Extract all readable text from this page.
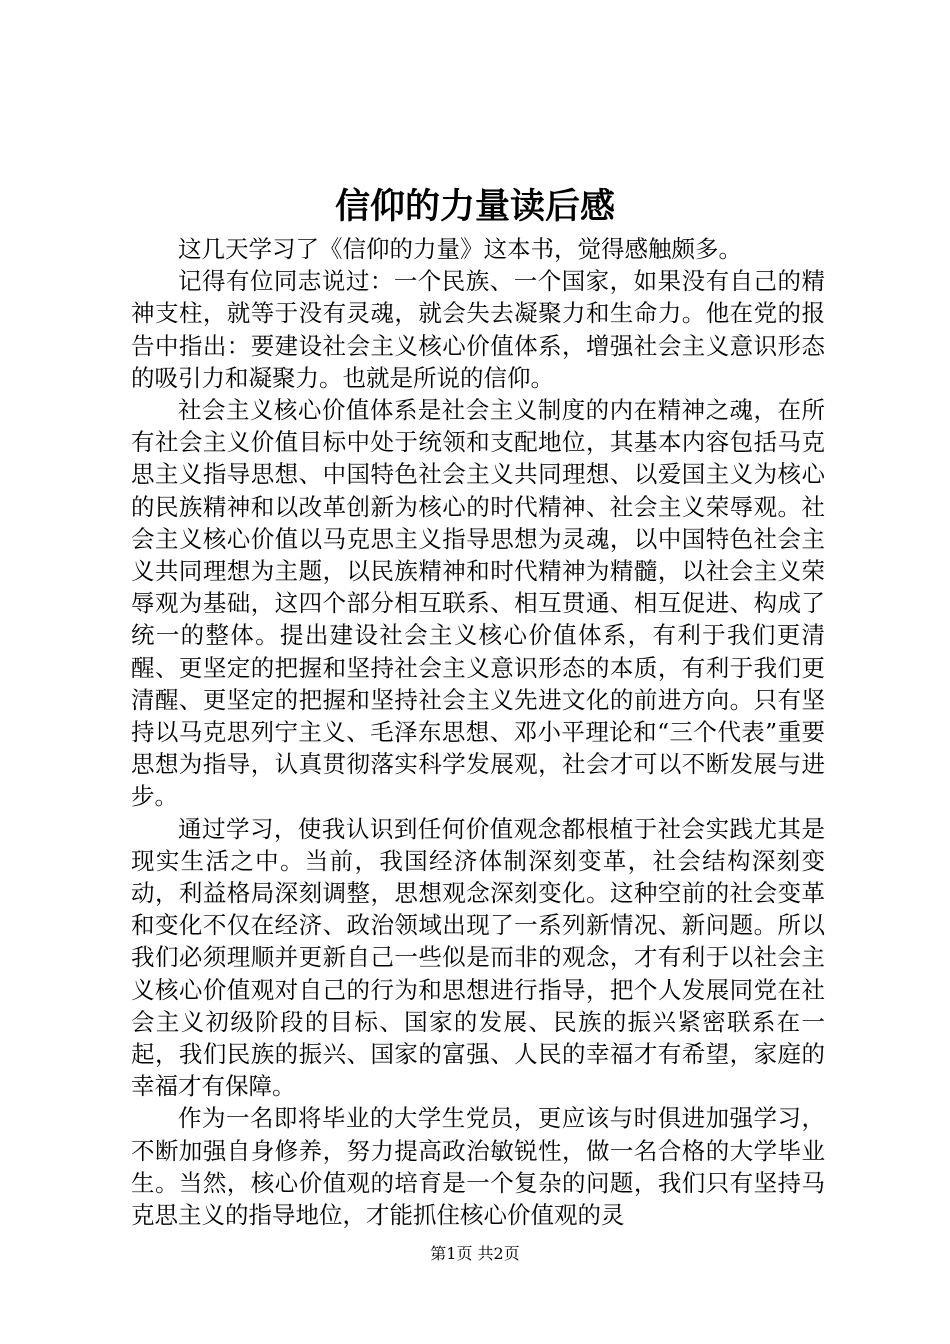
信仰的力量读后感

这几天学习了《信仰的力量》这本书，觉得感触颇多。

记得有位同志说过：一个民族、一个国家，如果没有自己的精神支柱，就等于没有灵魂，就会失去凝聚力和生命力。他在党的报告中指出：要建设社会主义核心价值体系，增强社会主义意识形态的吸引力和凝聚力。也就是所说的信仰。

社会主义核心价值体系是社会主义制度的内在精神之魂，在所有社会主义价值目标中处于统领和支配地位，其基本内容包括马克思主义指导思想、中国特色社会主义共同理想、以爱国主义为核心的民族精神和以改革创新为核心的时代精神、社会主义荣辱观。社会主义核心价值以马克思主义指导思想为灵魂，以中国特色社会主义共同理想为主题，以民族精神和时代精神为精髓，以社会主义荣辱观为基础，这四个部分相互联系、相互贯通、相互促进、构成了统一的整体。提出建设社会主义核心价值体系，有利于我们更清醒、更坚定的把握和坚持社会主义意识形态的本质，有利于我们更清醒、更坚定的把握和坚持社会主义先进文化的前进方向。只有坚持以马克思列宁主义、毛泽东思想、邓小平理论和“三个代表”重要思想为指导，认真贯彻落实科学发展观，社会才可以不断发展与进步。

通过学习，使我认识到任何价值观念都根植于社会实践尤其是现实生活之中。当前，我国经济体制深刻变革，社会结构深刻变动，利益格局深刻调整，思想观念深刻变化。这种空前的社会变革和变化不仅在经济、政治领域出现了一系列新情况、新问题。所以我们必须理顺并更新自己一些似是而非的观念，才有利于以社会主义核心价值观对自己的行为和思想进行指导，把个人发展同党在社会主义初级阶段的目标、国家的发展、民族的振兴紧密联系在一起，我们民族的振兴、国家的富强、人民的幸福才有希望，家庭的幸福才有保障。

作为一名即将毕业的大学生党员，更应该与时俱进加强学习，不断加强自身修养，努力提高政治敏锐性，做一名合格的大学毕业生。当然，核心价值观的培育是一个复杂的问题，我们只有坚持马克思主义的指导地位，才能抓住核心价值观的灵

第1页 共2页
